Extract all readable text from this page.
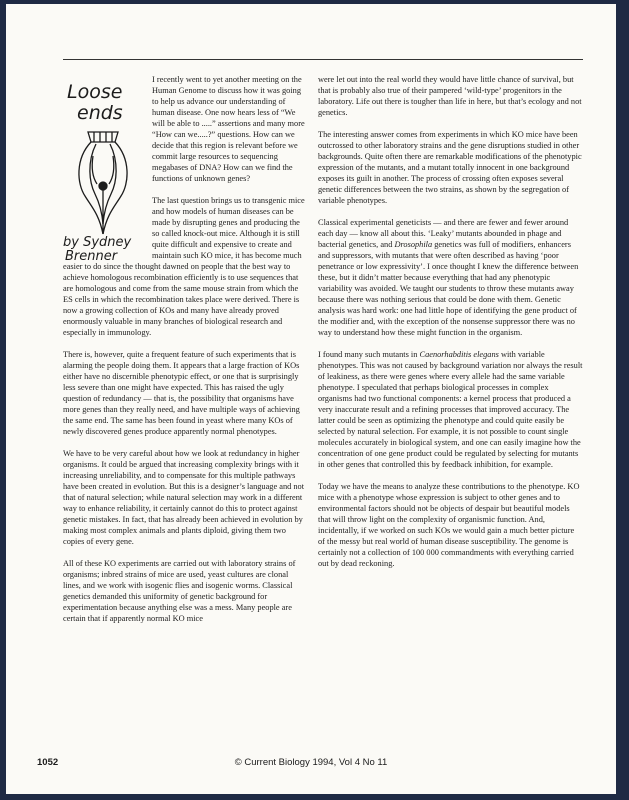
Loose
ends
by Sydney
Brenner

I recently went to yet another meeting on the Human Genome to discuss how it was going to help us advance our understanding of human disease. One now hears less of “We will be able to .....” assertions and many more “How can we.....?” questions. How can we decide that this region is relevant before we commit large resources to sequencing megabases of DNA? How can we find the functions of unknown genes?

The last question brings us to transgenic mice and how models of human diseases can be made by disrupting genes and producing the so called knock-out mice. Although it is still quite difficult and expensive to create and maintain such KO mice, it has become much easier to do since the thought dawned on people that the best way to achieve homologous recombination efficiently is to use sequences that are homologous and come from the same mouse strain from which the ES cells in which the recombination takes place were derived. There is now a growing collection of KOs and many have already proved enormously valuable in many branches of biological research and especially in immunology.

There is, however, quite a frequent feature of such experiments that is alarming the people doing them. It appears that a large fraction of KOs either have no discernible phenotypic effect, or one that is surprisingly less severe than one might have expected. This has raised the ugly question of redundancy — that is, the possibility that organisms have more genes than they really need, and have multiple ways of achieving the same end. The same has been found in yeast where many KOs of newly discovered genes produce apparently normal phenotypes.

We have to be very careful about how we look at redundancy in higher organisms. It could be argued that increasing complexity brings with it increasing unreliability, and to compensate for this multiple pathways have been created in evolution. But this is a designer’s language and not that of natural selection; while natural selection may work in a different way to enhance reliability, it certainly cannot do this to protect against genetic mistakes. In fact, that has already been achieved in evolution by making most complex animals and plants diploid, giving them two copies of every gene.

All of these KO experiments are carried out with laboratory strains of organisms; inbred strains of mice are used, yeast cultures are clonal lines, and we work with isogenic flies and isogenic worms. Classical genetics demanded this uniformity of genetic background for experimentation because anything else was a mess. Many people are certain that if apparently normal KO mice

were let out into the real world they would have little chance of survival, but that is probably also true of their pampered ‘wild-type’ progenitors in the laboratory. Life out there is tougher than life in here, but that’s ecology and not genetics.

The interesting answer comes from experiments in which KO mice have been outcrossed to other laboratory strains and the gene disruptions studied in other backgrounds. Quite often there are remarkable modifications of the phenotypic expression of the mutants, and a mutant totally innocent in one background exposes its guilt in another. The process of crossing often exposes several genetic differences between the two strains, as shown by the segregation of variable phenotypes.

Classical experimental geneticists — and there are fewer and fewer around each day — know all about this. ‘Leaky’ mutants abounded in phage and bacterial genetics, and Drosophila genetics was full of modifiers, enhancers and suppressors, with mutants that were often described as having ‘poor penetrance or low expressivity’. I once thought I knew the difference between these, but it didn’t matter because everything that had any phenotypic variability was avoided. We taught our students to throw these mutants away because there was nothing serious that could be done with them. Genetic analysis was hard work: one had little hope of identifying the gene product of the modifier and, with the exception of the nonsense suppressor there was no way to understand how these might function in the organism.

I found many such mutants in Caenorhabditis elegans with variable phenotypes. This was not caused by background variation nor always the result of leakiness, as there were genes where every allele had the same variable phenotype. I speculated that perhaps biological processes in complex organisms had two functional components: a kernel process that produced a very inaccurate result and a refining processes that improved accuracy. The latter could be seen as optimizing the phenotype and could quite easily be selected by natural selection. For example, it is not possible to count single molecules accurately in biological system, and one can easily imagine how the concentration of one gene product could be regulated by selecting for mutants in other genes that controlled this by feedback inhibition, for example.

Today we have the means to analyze these contributions to the phenotype. KO mice with a phenotype whose expression is subject to other genes and to environmental factors should not be objects of despair but beautiful models that will throw light on the complexity of organismic function. And, incidentally, if we worked on such KOs we would gain a much better picture of the messy but real world of human disease susceptibility. The genome is certainly not a collection of 100 000 commandments with everything carried out by dead reckoning.

1052	© Current Biology 1994, Vol 4 No 11
